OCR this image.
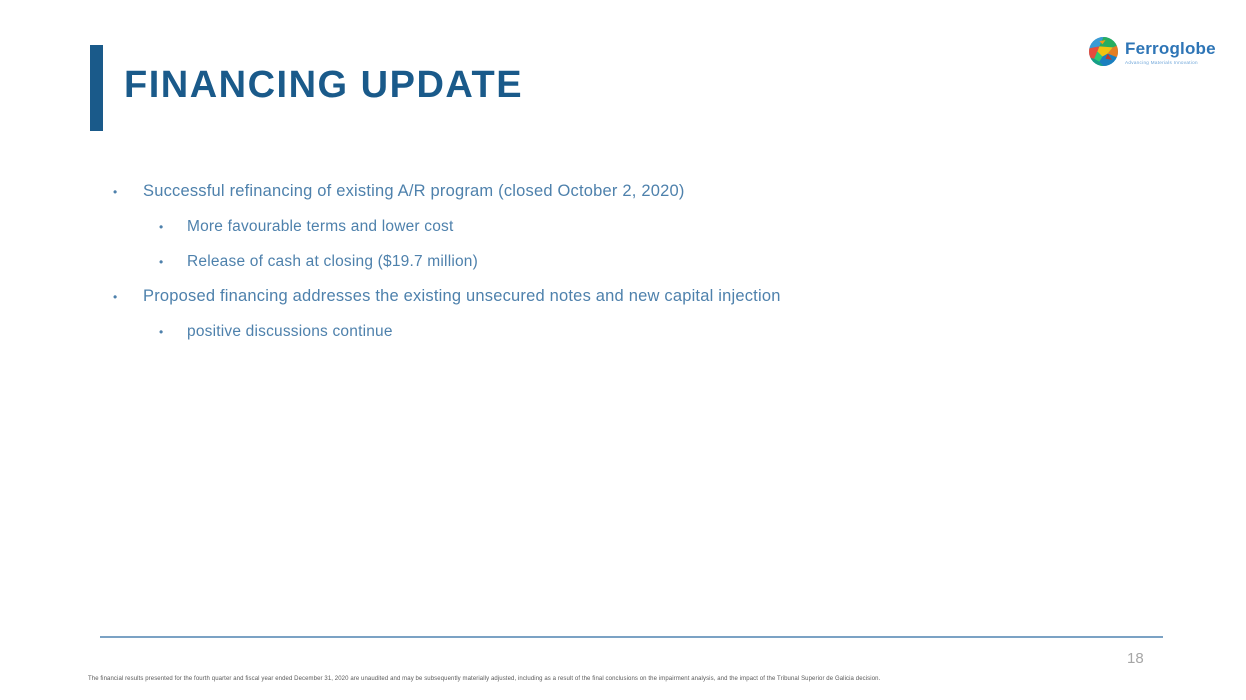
FINANCING UPDATE
Ferroglobe
Advancing Materials Innovation
•	Successful refinancing of existing A/R program (closed October 2, 2020)
•	More favourable terms and lower cost
•	Release of cash at closing ($19.7 million)
•	Proposed financing addresses the existing unsecured notes and new capital injection
•	positive discussions continue
18
The financial results presented for the fourth quarter and fiscal year ended December 31, 2020 are unaudited and may be subsequently materially adjusted, including as a result of the final conclusions on the impairment analysis, and the impact of the Tribunal Superior de Galicia decision.
